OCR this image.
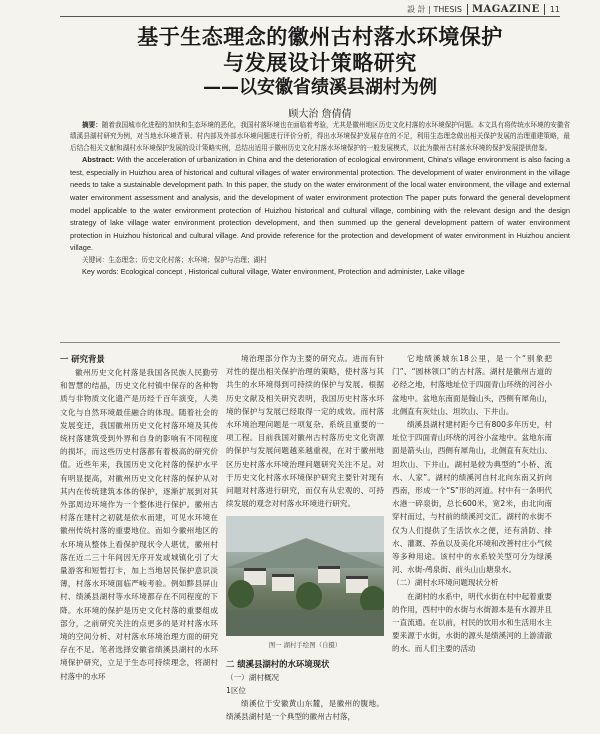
設 計 | THESIS	MAGAZINE	11
基于生态理念的徽州古村落水环境保护
与发展设计策略研究
——以安徽省绩溪县湖村为例
顾大治 詹倩倩

摘要：随着我国城市化进程的加快和生态环境的恶化，我国村落环境也在面临着考验，尤其是徽州地区历史文化村落的水环境保护问题。本文具有将传统水环境的安徽省绩溪县湖村研究为例，对当地水环境背景、村内部及外部水环境问题进行评价分析，得出水环境保护发展存在的不足，利用生态理念做出相关保护发展的治理重建策略，最后结合相关文献和湖村水环境保护发展的设计策略实例，总结出适用于徽州历史文化村落水环境保护的一般发展模式，以此为徽州古村落水环境的保护发展提供借鉴。

Abstract: With the acceleration of urbanization in China and the deterioration of ecological environment, China's village environment is also facing a test, especially in Huizhou area of historical and cultural villages of water environmental protection. The development of water environment in the village needs to take a sustainable development path. In this paper, the study on the water environment of the local water environment, the village and external water environment assessment and analysis, and the development of water environment protection The paper puts forward the general development model applicable to the water environment protection of Huizhou historical and cultural village, combining with the relevant design and the design strategy of lake village water environment protection development, and then summed up the general development pattern of water environment protection in Huizhou historical and cultural village. And provide reference for the protection and development of water environment in Huizhou ancient village.

关键词：生态理念；历史文化村落；水环境；保护与治理；湖村

Key words: Ecological concept , Historical cultural village, Water environment, Protection and administer, Lake village

一 研究背景

徽州历史文化村落是我国各民族人民勤劳和智慧的结晶，历史文化村镇中保存的各种物质与非物质文化遗产是历经千百年演变，人类文化与自然环境最佳融合的体现。随着社会的发展变迁，我国徽州历史文化村落环境及其传统村落建筑受到外界和自身的影响有不同程度的损坏，而这些历史村落都有着极高的研究价值。近些年来，我国历史文化村落的保护水平有明显提高，对徽州历史文化村落的保护从对其内在传统建筑本体的保护，逐渐扩展到对其外部周边环境作为一个整体进行保护。徽州古村落在建村之初就是依水而建，可见水环境在徽州传统村落的重要地位。而如今徽州地区的水环境从整体上看保护现状令人堪忧，徽州村落在近二三十年间因无序开发或城镇化引了大量游客和短暂打卡，加上当地居民保护意识淡薄，村落水环境面临严峻考验。例如黟县屏山村、绩溪县湖村等水环境都存在不同程度的下降。水环境的保护是历史文化村落的重要组成部分，之前研究关注的点更多的是对村落水环境的空间分析、对村落水环境治理方面的研究存在不足。笔者选择安徽省绩溪县湖村的水环境保护研究，立足于生态可持续理念，将湖村村落中的水环

境治理部分作为主要的研究点。进而有针对性的提出相关保护治理的策略，使村落与其共生的水环境得到可持续的保护与发展。根据历史文献及相关研究表明，我国历史村落水环境的保护与发展已经取得一定的成效。而村落水环境治理问题是一项复杂、系统且重要的一项工程。目前我国对徽州古村落历史文化资源的保护与发展问题越来越重视，在对于徽州地区历史村落水环境治理问题研究关注不足。对于历史文化村落水环境保护研究主要针对现有问题对村落进行研究，而仅有从宏观的、可持续发展的观念对村落水环境进行研究。

图一 湖村手绘图（自摄）

二 绩溪县湖村的水环境现状

（一）湖村概况

1区位

绩溪位于安徽黄山东麓，是徽州的腹地。绩溪县湖村是一个典型的徽州古村落，

它地绩溪城东18公里，是一个“别象把门”、“圆林领口”的古村落。湖村是徽州古道的必经之地，村落地址位于四面青山环绕的河谷小盆地中。盆地东南面是翰山头，西侧有犀角山，北侧直有灰灶山、坦坎山、下井山。

绩溪县湖村建村距今已有800多年历史，村址位于四面青山环绕的河谷小盆地中。盆地东南面是箭头山，西侧有犀角山，北侧直有灰灶山、坦坎山、下井山。湖村是较为典型的“小桥、流水、人家”。湖村的绩溪河自村北向东南又折向西南，形成一个“S”形的河道。村中有一条明代水港一碎泉街，总长600米，宽2米，由北向南穿村而过，与村前的绩溪河交汇。湖村的水街不仅为人们提供了生活饮水之便，还有消防、排水、灌溉、养鱼以及美化环境和改善村庄小气候等多种用途。该村中的水系较关型可分为绿溪河、水街-鸬泉街、前头山山塘泉水。

（二）湖村水环境问题现状分析

在湖村的水系中，明代水街在村中起着重要的作用，西村中的水街与水街源本是有水源并且一直流通。在以前，村民的饮用水和生活用水主要来源于水街，水街的源头是绩溪河的上游清澈的水。而人们主要的活动
